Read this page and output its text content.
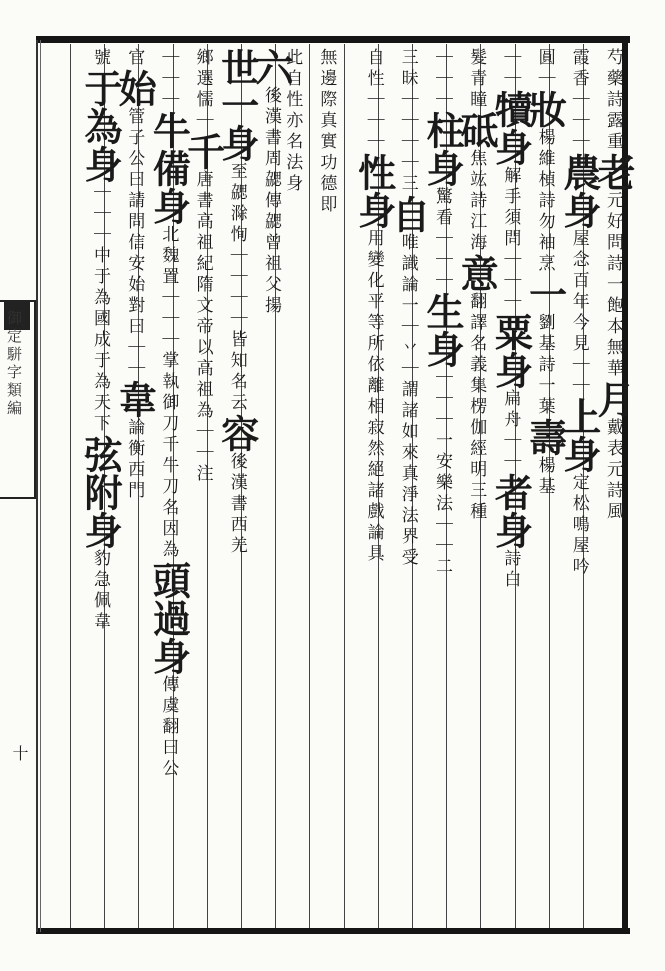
芍藥詩露重老元好問詩一飽本無華月戴表元詩風
霞香｜｜｜農身屋念百年今見｜｜上身定松鳴屋吟
圓｜妝楊維楨詩勿袖烹一劉基詩一葉壽楊基
｜｜犢身解手須問｜｜｜粟身扁舟｜｜者身詩白
髮青瞳砥焦竑詩江海意翻譯名義集楞伽經明三種
｜｜｜柱身驚看｜｜｜生身｜｜｜一安樂法｜｜二
三昧｜｜｜｜三自唯識論一｜丷｜謂諸如來真淨法界受
自性｜｜｜性身用變化平等所依離相寂然絕諸戲論具
無邊際真實功德即
此自性亦名法身
六後漢書周勰傳勰曾祖父揚
世一身至勰滁恂｜｜｜｜皆知名云容後漢書西羌
鄉選懦｜千唐書高祖紀隋文帝以高祖為｜｜注
｜｜｜牛備身北魏置｜｜｜掌執御刀千牛刀名因為頭過身傳虞翻曰公
官始管子公曰請問信安始對曰｜｜韋論衡西門
號于為身｜｜｜中于為國成于為天下弦附身豹急佩韋
御定駢字類編
十
